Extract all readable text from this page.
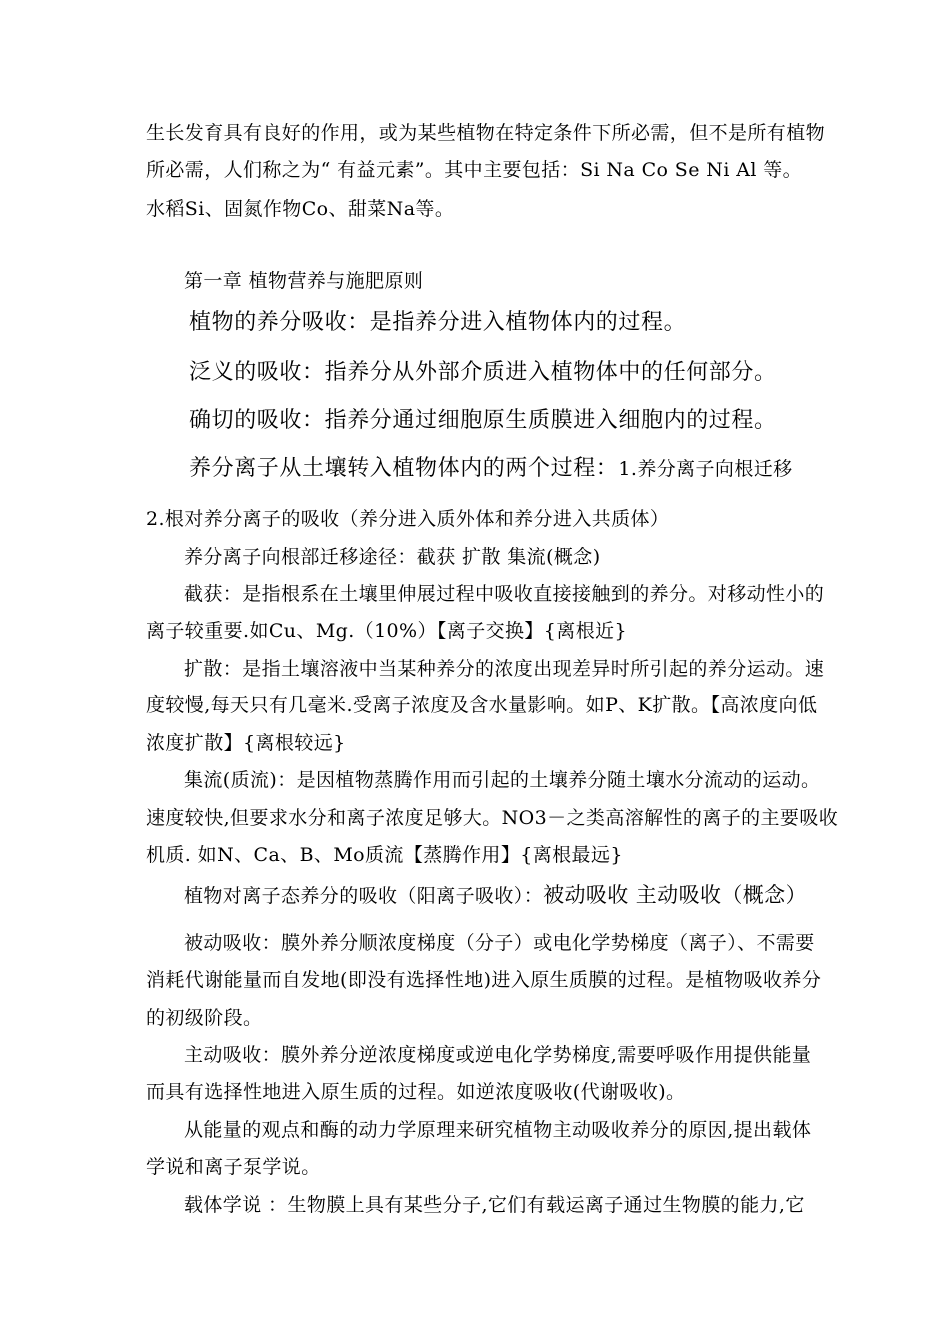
生长发育具有良好的作用，或为某些植物在特定条件下所必需，但不是所有植物

所必需，人们称之为“ 有益元素”。其中主要包括：Si Na Co Se Ni Al 等。

水稻Si、固氮作物Co、甜菜Na等。

第一章 植物营养与施肥原则

植物的养分吸收：是指养分进入植物体内的过程。

泛义的吸收：指养分从外部介质进入植物体中的任何部分。

确切的吸收：指养分通过细胞原生质膜进入细胞内的过程。

养分离子从土壤转入植物体内的两个过程：1.养分离子向根迁移

2.根对养分离子的吸收（养分进入质外体和养分进入共质体）

养分离子向根部迁移途径：截获 扩散 集流(概念)

截获：是指根系在土壤里伸展过程中吸收直接接触到的养分。对移动性小的

离子较重要.如Cu、Mg.（10%）【离子交换】{离根近}

扩散：是指土壤溶液中当某种养分的浓度出现差异时所引起的养分运动。速

度较慢,每天只有几毫米.受离子浓度及含水量影响。如P、K扩散。【高浓度向低

浓度扩散】{离根较远}

集流(质流)：是因植物蒸腾作用而引起的土壤养分随土壤水分流动的运动。

速度较快,但要求水分和离子浓度足够大。NO3－之类高溶解性的离子的主要吸收

机质. 如N、Ca、B、Mo质流【蒸腾作用】{离根最远}

植物对离子态养分的吸收（阳离子吸收）：被动吸收 主动吸收（概念）

被动吸收：膜外养分顺浓度梯度（分子）或电化学势梯度（离子）、不需要

消耗代谢能量而自发地(即没有选择性地)进入原生质膜的过程。是植物吸收养分

的初级阶段。

主动吸收：膜外养分逆浓度梯度或逆电化学势梯度,需要呼吸作用提供能量

而具有选择性地进入原生质的过程。如逆浓度吸收(代谢吸收)。

从能量的观点和酶的动力学原理来研究植物主动吸收养分的原因,提出载体

学说和离子泵学说。

载体学说 ：生物膜上具有某些分子,它们有载运离子通过生物膜的能力,它
